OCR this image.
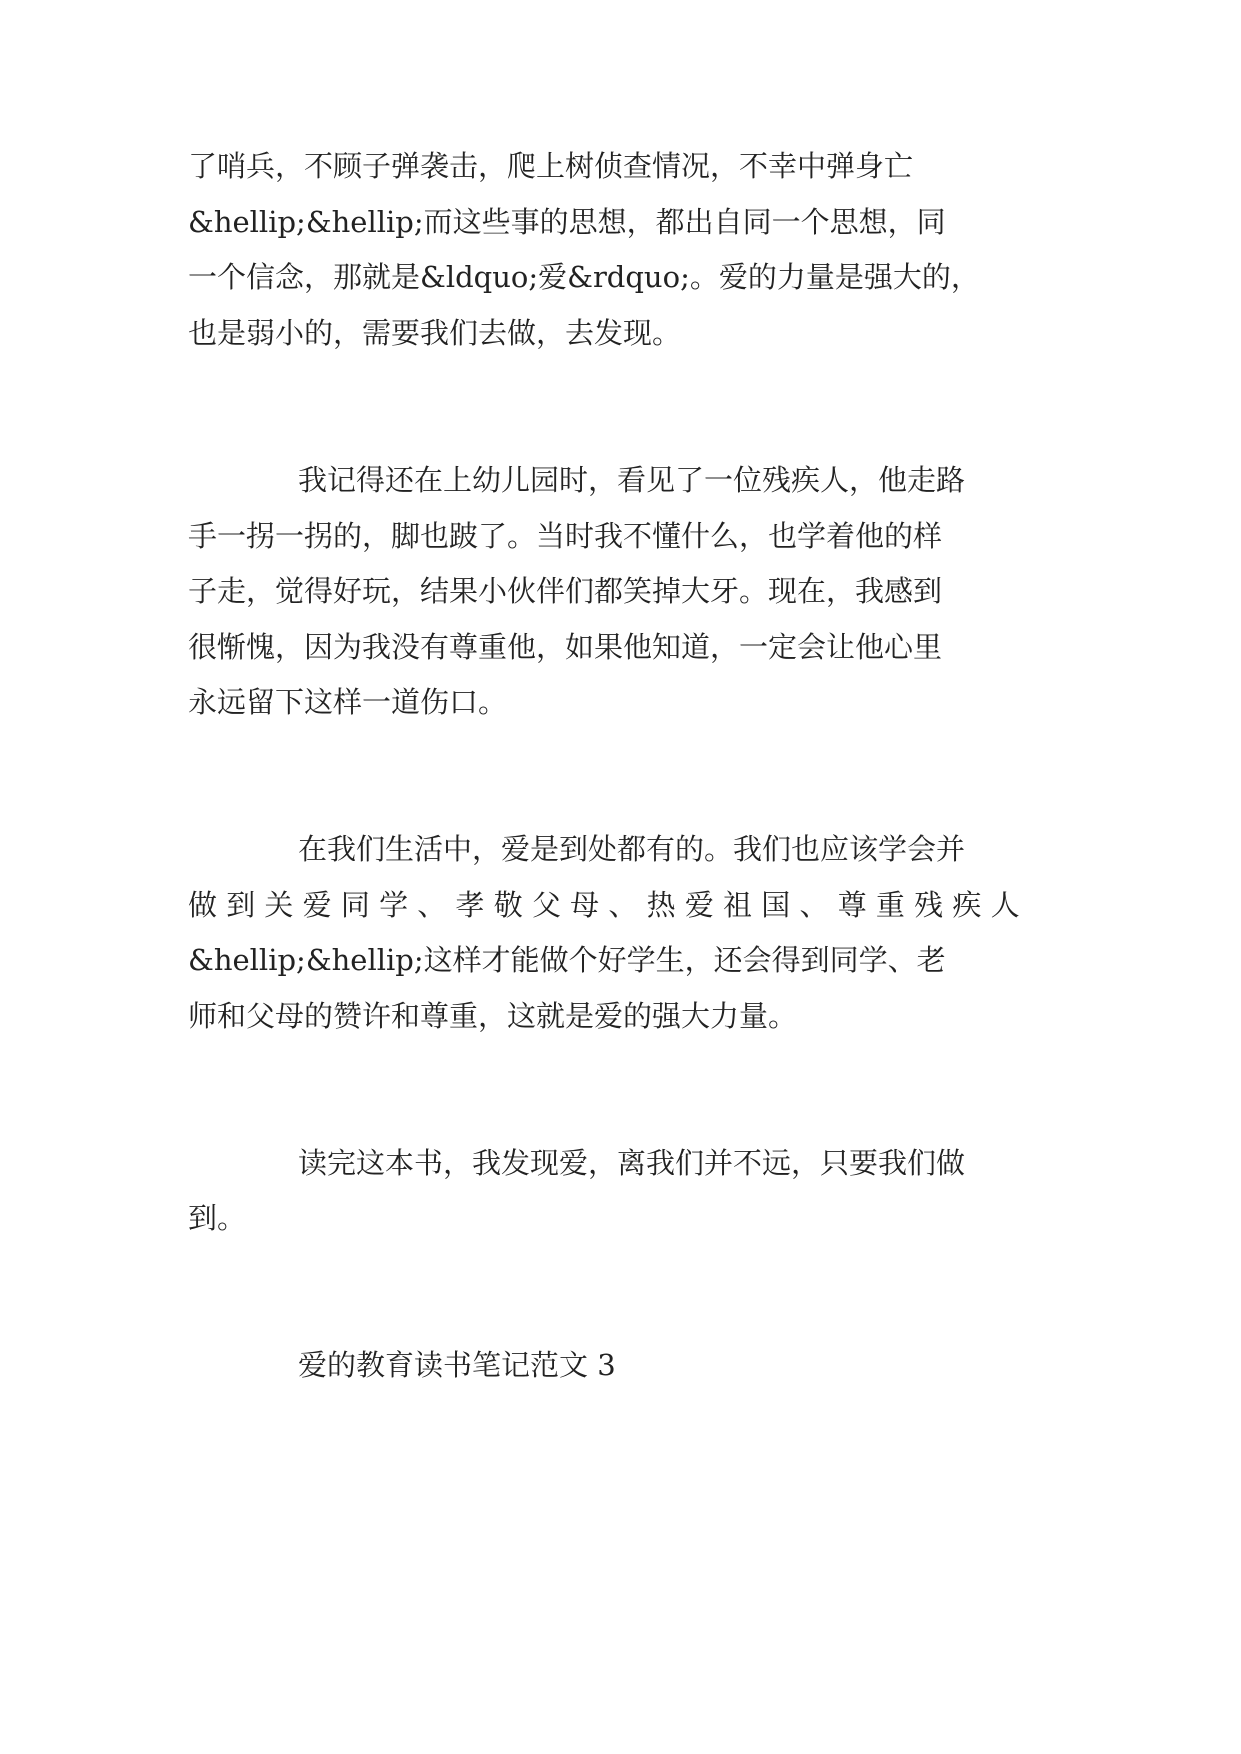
了哨兵，不顾子弹袭击，爬上树侦查情况，不幸中弹身亡
&hellip;&hellip;而这些事的思想，都出自同一个思想，同
一个信念，那就是&ldquo;爱&rdquo;。爱的力量是强大的，
也是弱小的，需要我们去做，去发现。
我记得还在上幼儿园时，看见了一位残疾人，他走路
手一拐一拐的，脚也跛了。当时我不懂什么，也学着他的样
子走，觉得好玩，结果小伙伴们都笑掉大牙。现在，我感到
很惭愧，因为我没有尊重他，如果他知道，一定会让他心里
永远留下这样一道伤口。
在我们生活中，爱是到处都有的。我们也应该学会并
做 到 关 爱 同 学 、 孝 敬 父 母 、 热 爱 祖 国 、 尊 重 残 疾 人
&hellip;&hellip;这样才能做个好学生，还会得到同学、老
师和父母的赞许和尊重，这就是爱的强大力量。
读完这本书，我发现爱，离我们并不远，只要我们做
到。
爱的教育读书笔记范文 3
